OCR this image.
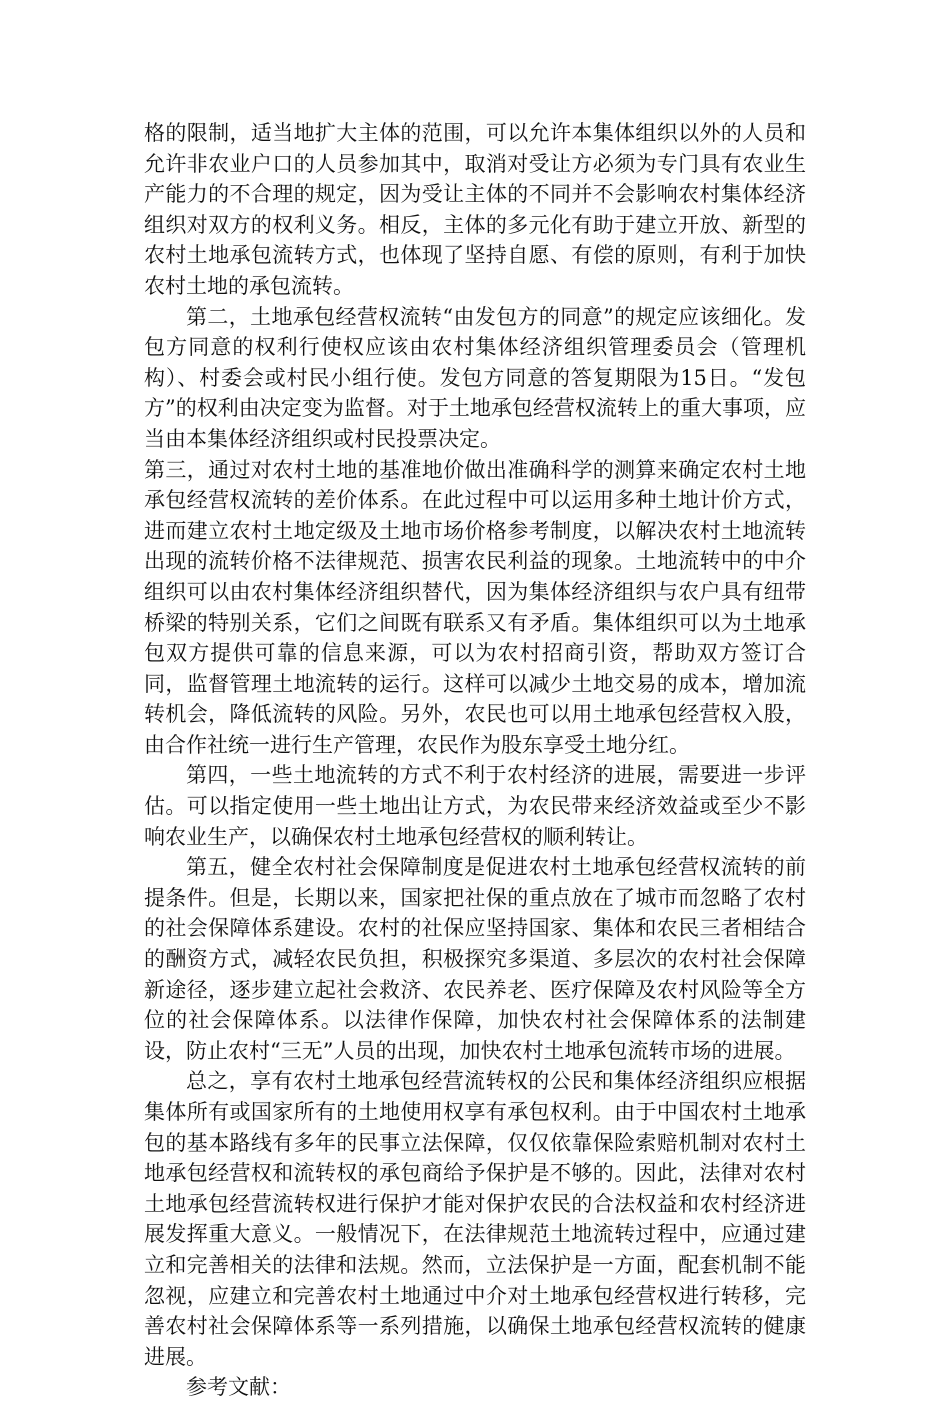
格的限制，适当地扩大主体的范围，可以允许本集体组织以外的人员和允许非农业户口的人员参加其中，取消对受让方必须为专门具有农业生产能力的不合理的规定，因为受让主体的不同并不会影响农村集体经济组织对双方的权利义务。相反，主体的多元化有助于建立开放、新型的农村土地承包流转方式，也体现了坚持自愿、有偿的原则，有利于加快农村土地的承包流转。

第二，土地承包经营权流转“由发包方的同意”的规定应该细化。发包方同意的权利行使权应该由农村集体经济组织管理委员会（管理机构）、村委会或村民小组行使。发包方同意的答复期限为15日。“发包方”的权利由决定变为监督。对于土地承包经营权流转上的重大事项，应当由本集体经济组织或村民投票决定。

第三，通过对农村土地的基准地价做出准确科学的测算来确定农村土地承包经营权流转的差价体系。在此过程中可以运用多种土地计价方式，进而建立农村土地定级及土地市场价格参考制度，以解决农村土地流转出现的流转价格不法律规范、损害农民利益的现象。土地流转中的中介组织可以由农村集体经济组织替代，因为集体经济组织与农户具有纽带桥梁的特别关系，它们之间既有联系又有矛盾。集体组织可以为土地承包双方提供可靠的信息来源，可以为农村招商引资，帮助双方签订合同，监督管理土地流转的运行。这样可以减少土地交易的成本，增加流转机会，降低流转的风险。另外，农民也可以用土地承包经营权入股，由合作社统一进行生产管理，农民作为股东享受土地分红。

第四，一些土地流转的方式不利于农村经济的进展，需要进一步评估。可以指定使用一些土地出让方式，为农民带来经济效益或至少不影响农业生产，以确保农村土地承包经营权的顺利转让。

第五，健全农村社会保障制度是促进农村土地承包经营权流转的前提条件。但是，长期以来，国家把社保的重点放在了城市而忽略了农村的社会保障体系建设。农村的社保应坚持国家、集体和农民三者相结合的酬资方式，减轻农民负担，积极探究多渠道、多层次的农村社会保障新途径，逐步建立起社会救济、农民养老、医疗保障及农村风险等全方位的社会保障体系。以法律作保障，加快农村社会保障体系的法制建设，防止农村“三无”人员的出现，加快农村土地承包流转市场的进展。

总之，享有农村土地承包经营流转权的公民和集体经济组织应根据集体所有或国家所有的土地使用权享有承包权利。由于中国农村土地承包的基本路线有多年的民事立法保障，仅仅依靠保险索赔机制对农村土地承包经营权和流转权的承包商给予保护是不够的。因此，法律对农村土地承包经营流转权进行保护才能对保护农民的合法权益和农村经济进展发挥重大意义。一般情况下，在法律规范土地流转过程中，应通过建立和完善相关的法律和法规。然而，立法保护是一方面，配套机制不能忽视，应建立和完善农村土地通过中介对土地承包经营权进行转移，完善农村社会保障体系等一系列措施，以确保土地承包经营权流转的健康进展。

参考文献：
